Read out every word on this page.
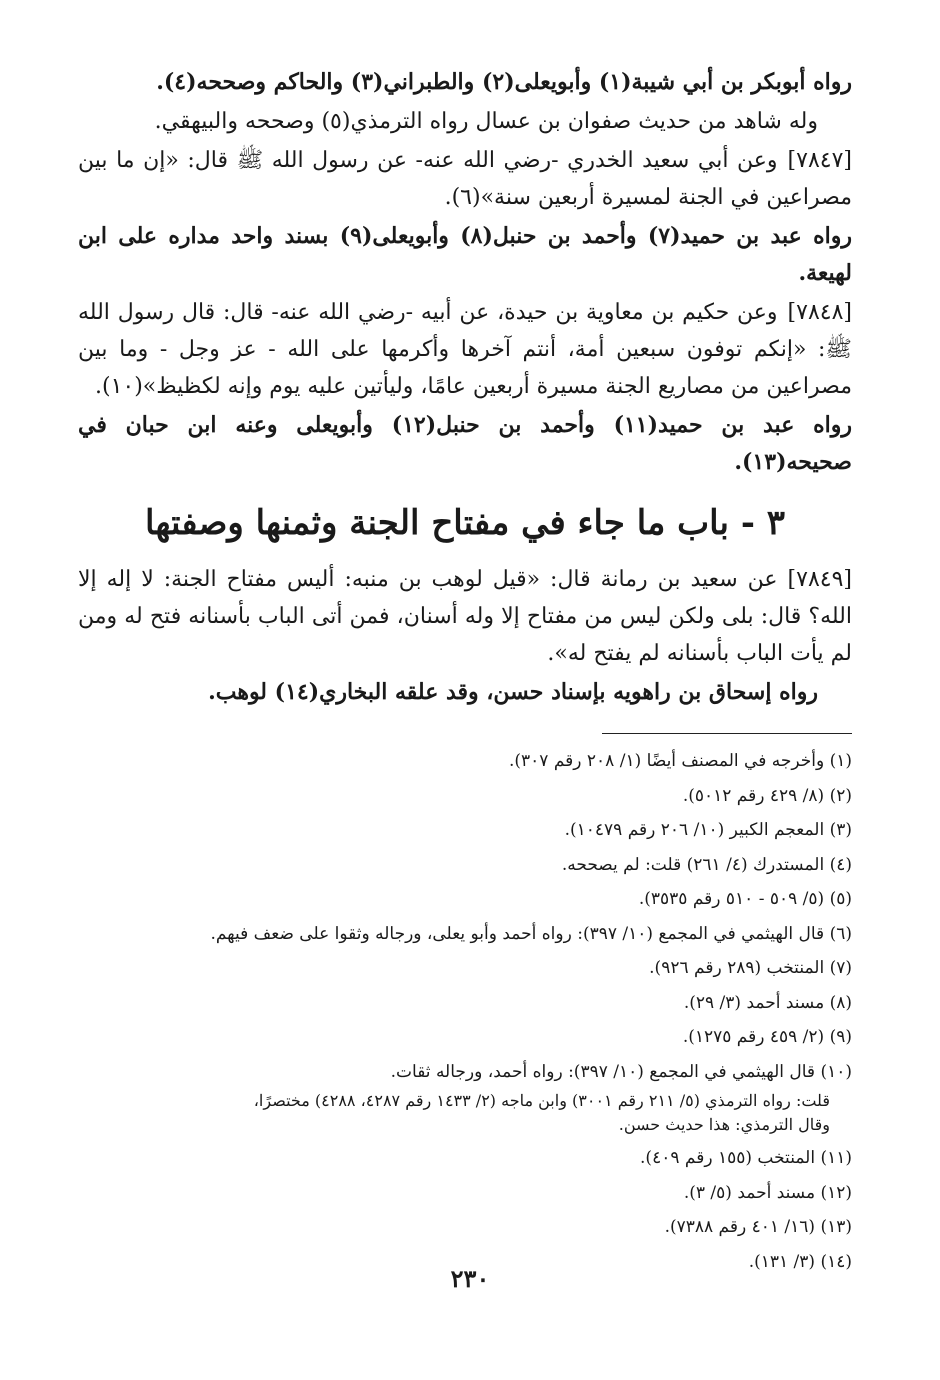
رواه أبوبكر بن أبي شيبة(١) وأبويعلى(٢) والطبراني(٣) والحاكم وصححه(٤).

وله شاهد من حديث صفوان بن عسال رواه الترمذي(٥) وصححه والبيهقي.

[٧٨٤٧]وعن أبي سعيد الخدري -رضي الله عنه- عن رسول الله ﷺ قال: «إن ما بين مصراعين في الجنة لمسيرة أربعين سنة»(٦).

رواه عبد بن حميد(٧) وأحمد بن حنبل(٨) وأبويعلى(٩) بسند واحد مداره على ابن لهيعة.

[٧٨٤٨]وعن حكيم بن معاوية بن حيدة، عن أبيه -رضي الله عنه- قال: قال رسول الله ﷺ: «إنكم توفون سبعين أمة، أنتم آخرها وأكرمها على الله - عز وجل - وما بين مصراعين من مصاريع الجنة مسيرة أربعين عامًا، وليأتين عليه يوم وإنه لكظيظ»(١٠).

رواه عبد بن حميد(١١) وأحمد بن حنبل(١٢) وأبويعلى وعنه ابن حبان في صحيحه(١٣).

٣ - باب ما جاء في مفتاح الجنة وثمنها وصفتها

[٧٨٤٩]عن سعيد بن رمانة قال: «قيل لوهب بن منبه: أليس مفتاح الجنة: لا إله إلا الله؟ قال: بلى ولكن ليس من مفتاح إلا وله أسنان، فمن أتى الباب بأسنانه فتح له ومن لم يأت الباب بأسنانه لم يفتح له».

رواه إسحاق بن راهويه بإسناد حسن، وقد علقه البخاري(١٤) لوهب.

(١) وأخرجه في المصنف أيضًا (١/ ٢٠٨ رقم ٣٠٧).
(٢) (٨/ ٤٢٩ رقم ٥٠١٢).
(٣) المعجم الكبير (١٠/ ٢٠٦ رقم ١٠٤٧٩).
(٤) المستدرك (٤/ ٢٦١) قلت: لم يصححه.
(٥) (٥/ ٥٠٩ - ٥١٠ رقم ٣٥٣٥).
(٦) قال الهيثمي في المجمع (١٠/ ٣٩٧): رواه أحمد وأبو يعلى، ورجاله وثقوا على ضعف فيهم.
(٧) المنتخب (٢٨٩ رقم ٩٢٦).
(٨) مسند أحمد (٣/ ٢٩).
(٩) (٢/ ٤٥٩ رقم ١٢٧٥).
(١٠) قال الهيثمي في المجمع (١٠/ ٣٩٧): رواه أحمد، ورجاله ثقات.
قلت: رواه الترمذي (٥/ ٢١١ رقم ٣٠٠١) وابن ماجه (٢/ ١٤٣٣ رقم ٤٢٨٧، ٤٢٨٨) مختصرًا،
وقال الترمذي: هذا حديث حسن.
(١١) المنتخب (١٥٥ رقم ٤٠٩).
(١٢) مسند أحمد (٥/ ٣).
(١٣) (١٦/ ٤٠١ رقم ٧٣٨٨).
(١٤) (٣/ ١٣١).
٢٣٠
